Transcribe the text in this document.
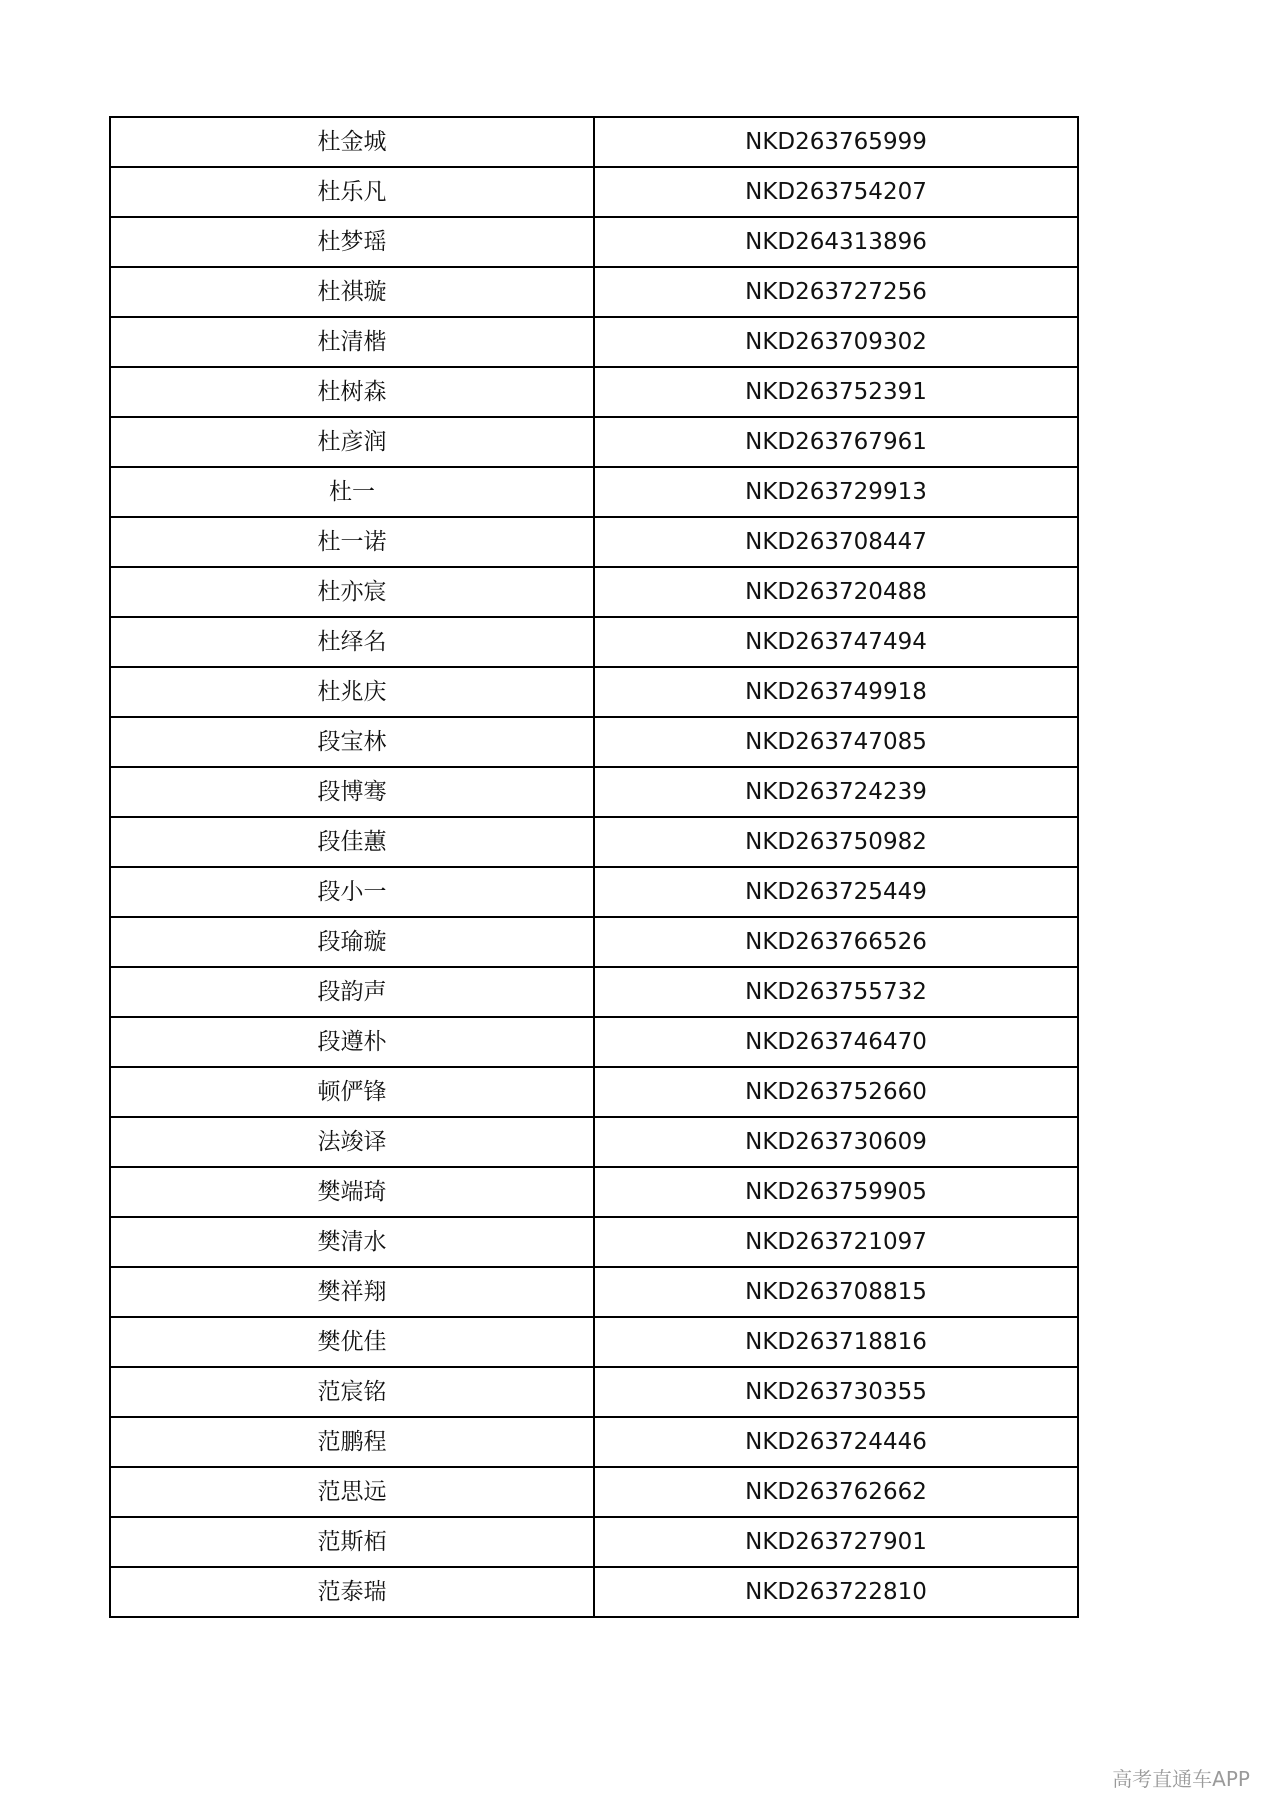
杜金城	NKD263765999
杜乐凡	NKD263754207
杜梦瑶	NKD264313896
杜祺璇	NKD263727256
杜清楷	NKD263709302
杜树森	NKD263752391
杜彦润	NKD263767961
杜一	NKD263729913
杜一诺	NKD263708447
杜亦宸	NKD263720488
杜绎名	NKD263747494
杜兆庆	NKD263749918
段宝林	NKD263747085
段博骞	NKD263724239
段佳蕙	NKD263750982
段小一	NKD263725449
段瑜璇	NKD263766526
段韵声	NKD263755732
段遵朴	NKD263746470
顿俨锋	NKD263752660
法竣译	NKD263730609
樊端琦	NKD263759905
樊清水	NKD263721097
樊祥翔	NKD263708815
樊优佳	NKD263718816
范宸铭	NKD263730355
范鹏程	NKD263724446
范思远	NKD263762662
范斯栢	NKD263727901
范泰瑞	NKD263722810
高考直通车APP
